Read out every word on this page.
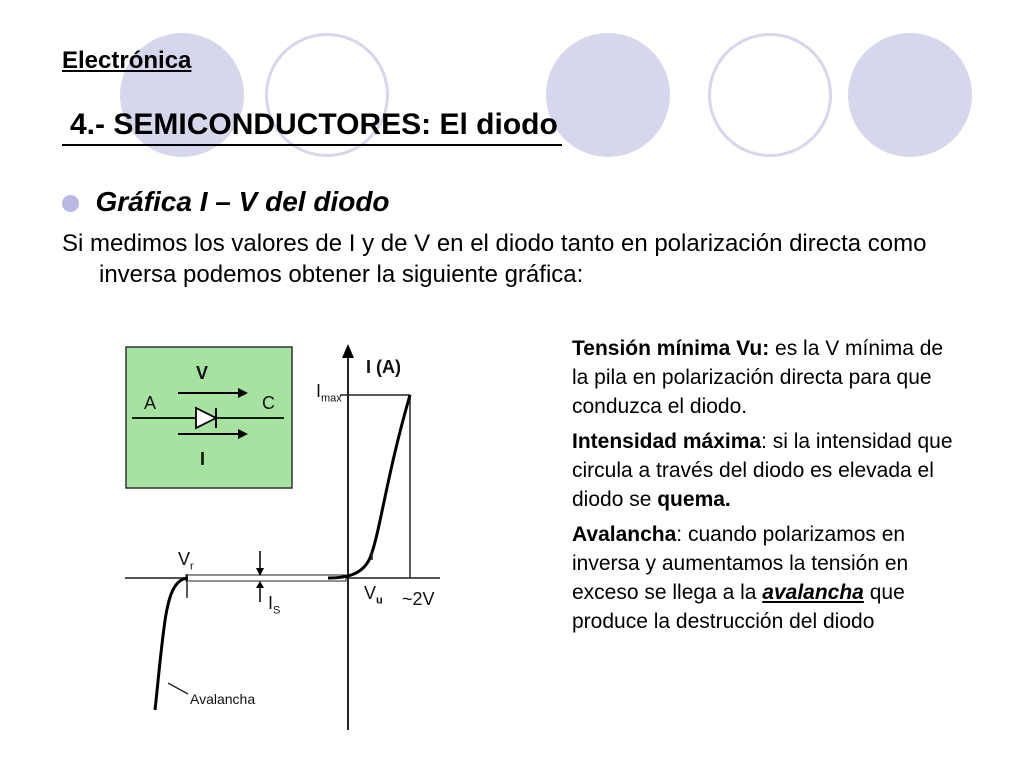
Electrónica
4.- SEMICONDUCTORES: El diodo
Gráfica I – V del diodo
Si medimos los valores de I y de V en el diodo tanto en polarización directa como inversa podemos obtener la siguiente gráfica:
V
A	C
I
I (A)
$I_{max}$
$V_r$
$I_S$
$V_u$ ~2V
Avalancha

Tensión mínima Vu: es la V mínima de la pila en polarización directa para que conduzca el diodo.

Intensidad máxima: si la intensidad que circula a través del diodo es elevada el diodo se quema.

Avalancha: cuando polarizamos en inversa y aumentamos la tensión en exceso se llega a la avalancha que produce la destrucción del diodo
